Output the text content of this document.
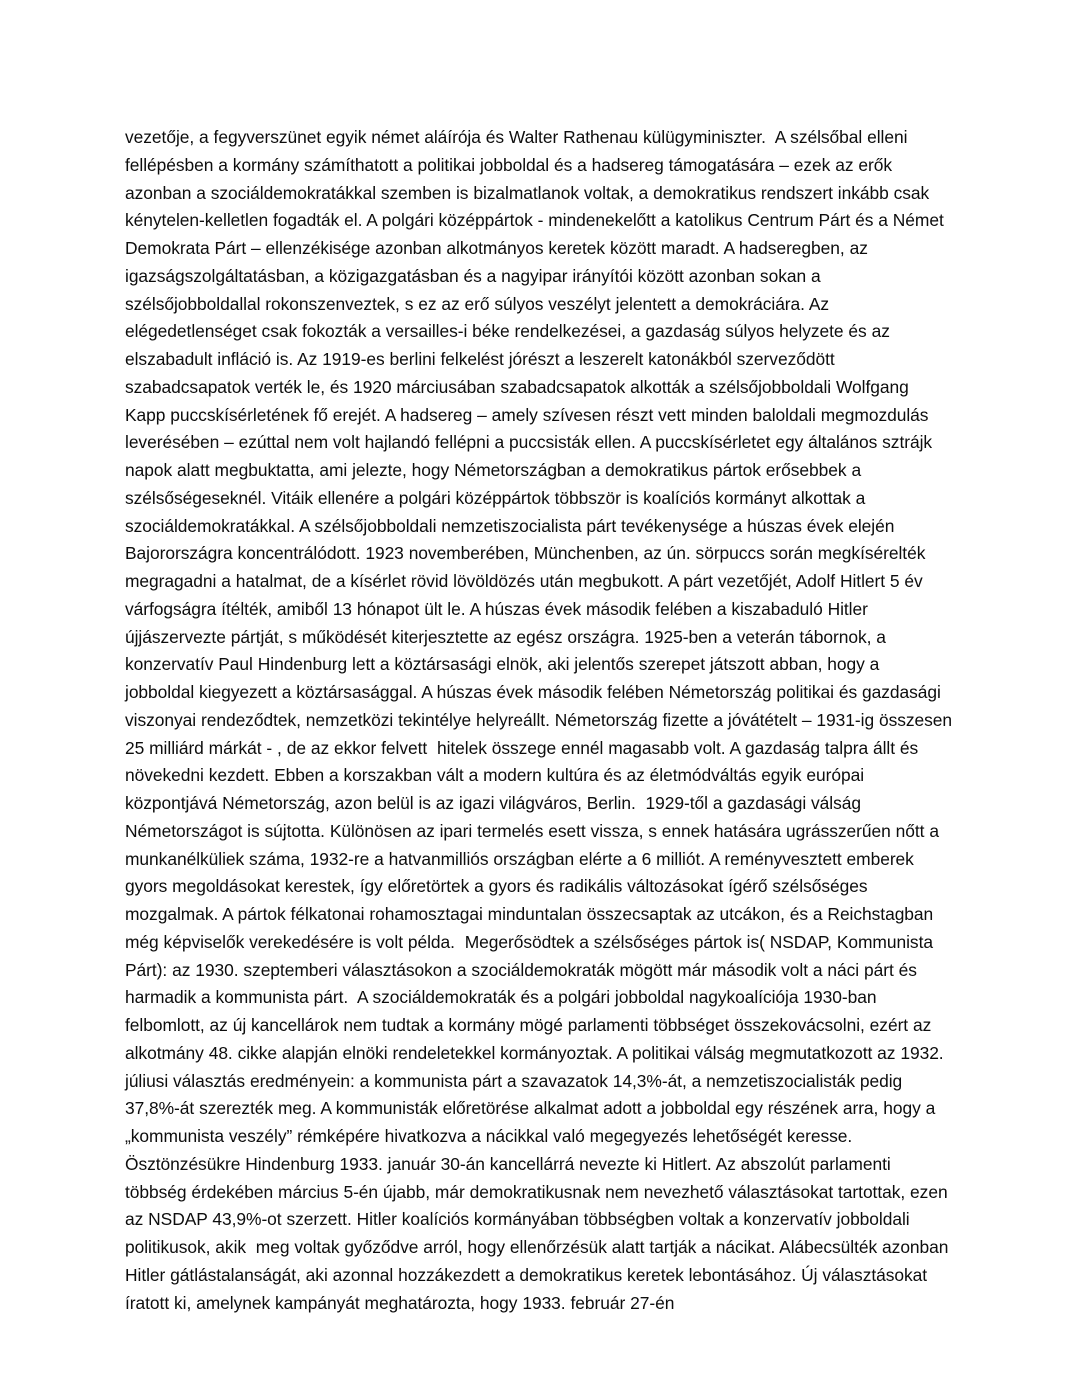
vezetője, a fegyverszünet egyik német aláírója és Walter Rathenau külügyminiszter.  A szélsőbal elleni fellépésben a kormány számíthatott a politikai jobboldal és a hadsereg támogatására – ezek az erők azonban a szociáldemokratákkal szemben is bizalmatlanok voltak, a demokratikus rendszert inkább csak kénytelen-kelletlen fogadták el. A polgári középpártok - mindenekelőtt a katolikus Centrum Párt és a Német Demokrata Párt – ellenzékisége azonban alkotmányos keretek között maradt. A hadseregben, az igazságszolgáltatásban, a közigazgatásban és a nagyipar irányítói között azonban sokan a szélsőjobboldallal rokonszenveztek, s ez az erő súlyos veszélyt jelentett a demokráciára. Az elégedetlenséget csak fokozták a versailles-i béke rendelkezései, a gazdaság súlyos helyzete és az elszabadult infláció is. Az 1919-es berlini felkelést jórészt a leszerelt katonákból szerveződött szabadcsapatok verték le, és 1920 márciusában szabadcsapatok alkották a szélsőjobboldali Wolfgang Kapp puccskísérletének fő erejét. A hadsereg – amely szívesen részt vett minden baloldali megmozdulás leverésében – ezúttal nem volt hajlandó fellépni a puccsisták ellen. A puccskísérletet egy általános sztrájk napok alatt megbuktatta, ami jelezte, hogy Németországban a demokratikus pártok erősebbek a szélsőségeseknél. Vitáik ellenére a polgári középpártok többször is koalíciós kormányt alkottak a szociáldemokratákkal. A szélsőjobboldali nemzetiszocialista párt tevékenysége a húszas évek elején Bajorországra koncentrálódott. 1923 novemberében, Münchenben, az ún. sörpuccs során megkísérelték megragadni a hatalmat, de a kísérlet rövid lövöldözés után megbukott. A párt vezetőjét, Adolf Hitlert 5 év várfogságra ítélték, amiből 13 hónapot ült le. A húszas évek második felében a kiszabaduló Hitler újjászervezte pártját, s működését kiterjesztette az egész országra. 1925-ben a veterán tábornok, a konzervatív Paul Hindenburg lett a köztársasági elnök, aki jelentős szerepet játszott abban, hogy a jobboldal kiegyezett a köztársasággal. A húszas évek második felében Németország politikai és gazdasági viszonyai rendeződtek, nemzetközi tekintélye helyreállt. Németország fizette a jóvátételt – 1931-ig összesen 25 milliárd márkát - , de az ekkor felvett  hitelek összege ennél magasabb volt. A gazdaság talpra állt és növekedni kezdett. Ebben a korszakban vált a modern kultúra és az életmódváltás egyik európai központjává Németország, azon belül is az igazi világváros, Berlin.  1929-től a gazdasági válság Németországot is sújtotta. Különösen az ipari termelés esett vissza, s ennek hatására ugrásszerűen nőtt a munkanélküliek száma, 1932-re a hatvanmilliós országban elérte a 6 milliót. A reményvesztett emberek gyors megoldásokat kerestek, így előretörtek a gyors és radikális változásokat ígérő szélsőséges mozgalmak. A pártok félkatonai rohamosztagai minduntalan összecsaptak az utcákon, és a Reichstagban még képviselők verekedésére is volt példa.  Megerősödtek a szélsőséges pártok is( NSDAP, Kommunista Párt): az 1930. szeptemberi választásokon a szociáldemokraták mögött már második volt a náci párt és harmadik a kommunista párt.  A szociáldemokraták és a polgári jobboldal nagykoalíciója 1930-ban felbomlott, az új kancellárok nem tudtak a kormány mögé parlamenti többséget összekovácsolni, ezért az alkotmány 48. cikke alapján elnöki rendeletekkel kormányoztak. A politikai válság megmutatkozott az 1932. júliusi választás eredményein: a kommunista párt a szavazatok 14,3%-át, a nemzetiszocialisták pedig 37,8%-át szerezték meg. A kommunisták előretörése alkalmat adott a jobboldal egy részének arra, hogy a „kommunista veszély” rémképére hivatkozva a nácikkal való megegyezés lehetőségét keresse. Ösztönzésükre Hindenburg 1933. január 30-án kancellárrá nevezte ki Hitlert. Az abszolút parlamenti többség érdekében március 5-én újabb, már demokratikusnak nem nevezhető választásokat tartottak, ezen az NSDAP 43,9%-ot szerzett. Hitler koalíciós kormányában többségben voltak a konzervatív jobboldali politikusok, akik  meg voltak győződve arról, hogy ellenőrzésük alatt tartják a nácikat. Alábecsülték azonban Hitler gátlástalanságát, aki azonnal hozzákezdett a demokratikus keretek lebontásához. Új választásokat íratott ki, amelynek kampányát meghatározta, hogy 1933. február 27-én
